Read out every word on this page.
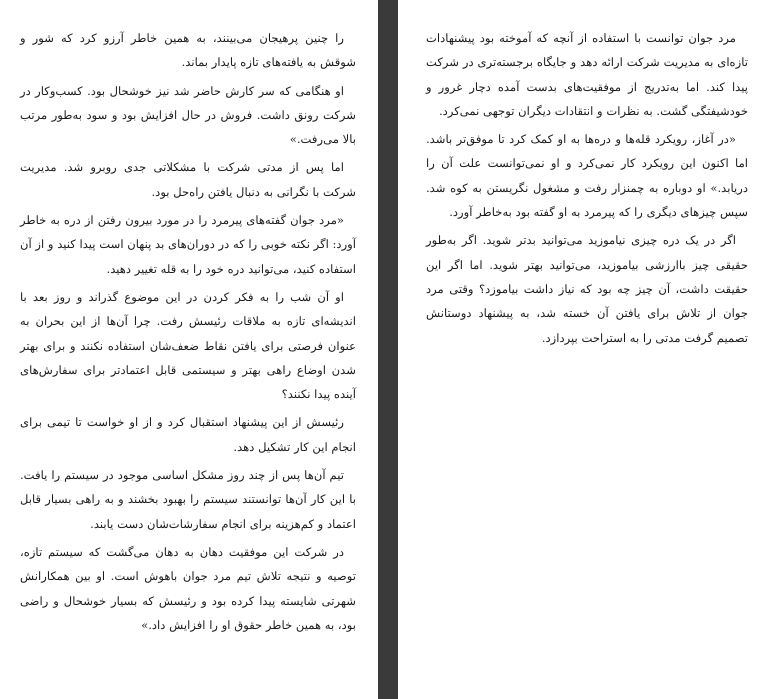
را چنین پرهیجان می‌بینند، به همین خاطر آرزو کرد که شور و شوقش به یافته‌های تازه پایدار بماند.

او هنگامی که سر کارش حاضر شد نیز خوشحال بود. کسب‌وکار در شرکت رونق داشت. فروش در حال افزایش بود و سود به‌طور مرتب بالا می‌رفت.»

اما پس از مدتی شرکت با مشکلاتی جدی روبرو شد. مدیریت شرکت با نگرانی به دنبال یافتن راه‌حل بود.

«مرد جوان گفته‌های پیرمرد را در مورد بیرون رفتن از دره به خاطر آورد: اگر نکته خوبی را که در دوران‌های بد پنهان است پیدا کنید و از آن استفاده کنید، می‌توانید دره خود را به قله تغییر دهید.

او آن شب را به فکر کردن در این موضوع گذراند و روز بعد با اندیشه‌ای تازه به ملاقات رئیسش رفت. چرا آن‌ها از این بحران به عنوان فرصتی برای یافتن نقاط ضعف‌شان استفاده نکنند و برای بهتر شدن اوضاع راهی بهتر و سیستمی قابل اعتمادتر برای سفارش‌های آینده پیدا نکنند؟

رئیسش از این پیشنهاد استقبال کرد و از او خواست تا تیمی برای انجام این کار تشکیل دهد.

تیم آن‌ها پس از چند روز مشکل اساسی موجود در سیستم را یافت. با این کار آن‌ها توانستند سیستم را بهبود بخشند و به راهی بسیار قابل اعتماد و کم‌هزینه برای انجام سفارشات‌شان دست یابند.

در شرکت این موفقیت دهان به دهان می‌گشت که سیستم تازه، توصیه و نتیجه تلاش تیم مرد جوان باهوش است. او بین همکارانش شهرتی شایسته پیدا کرده بود و رئیسش که بسیار خوشحال و راضی بود، به همین خاطر حقوق او را افزایش داد.»

مرد جوان توانست با استفاده از آنچه که آموخته بود پیشنهادات تازه‌ای به مدیریت شرکت ارائه دهد و جایگاه برجسته‌تری در شرکت پیدا کند. اما به‌تدریج از موفقیت‌های بدست آمده دچار غرور و خودشیفتگی گشت. به نظرات و انتقادات دیگران توجهی نمی‌کرد.

«در آغاز، رویکرد قله‌ها و دره‌ها به او کمک کرد تا موفق‌تر باشد. اما اکنون این رویکرد کار نمی‌کرد و او نمی‌توانست علت آن را دریابد.» او دوباره به چمنزار رفت و مشغول نگریستن به کوه شد. سپس چیزهای دیگری را که پیرمرد به او گفته بود به‌خاطر آورد.

اگر در یک دره چیزی نیاموزید می‌توانید بدتر شوید. اگر به‌طور حقیقی چیز باارزشی بیاموزید، می‌توانید بهتر شوید. اما اگر این حقیقت داشت، آن چیز چه بود که نیاز داشت بیاموزد؟ وقتی مرد جوان از تلاش برای یافتن آن خسته شد، به پیشنهاد دوستانش تصمیم گرفت مدتی را به استراحت بپردازد.
